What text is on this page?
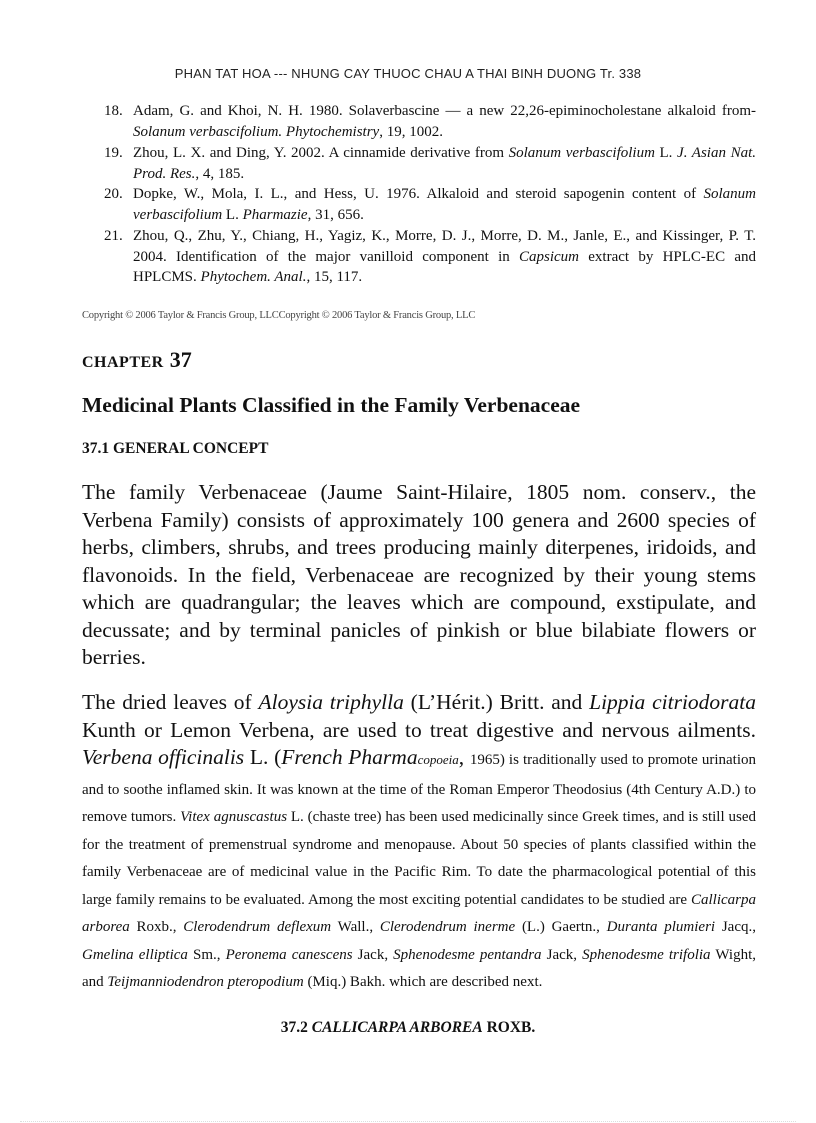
PHAN TAT HOA --- NHUNG CAY THUOC CHAU A THAI BINH DUONG Tr. 338
18. Adam, G. and Khoi, N. H. 1980. Solaverbascine — a new 22,26-epiminocholestane alkaloid from-Solanum verbascifolium. Phytochemistry, 19, 1002.
19. Zhou, L. X. and Ding, Y. 2002. A cinnamide derivative from Solanum verbascifolium L. J. Asian Nat. Prod. Res., 4, 185.
20. Dopke, W., Mola, I. L., and Hess, U. 1976. Alkaloid and steroid sapogenin content of Solanum verbascifolium L. Pharmazie, 31, 656.
21. Zhou, Q., Zhu, Y., Chiang, H., Yagiz, K., Morre, D. J., Morre, D. M., Janle, E., and Kissinger, P. T. 2004. Identification of the major vanilloid component in Capsicum extract by HPLC-EC and HPLCMS. Phytochem. Anal., 15, 117.
Copyright © 2006 Taylor & Francis Group, LLCCopyright © 2006 Taylor & Francis Group, LLC
CHAPTER 37
Medicinal Plants Classified in the Family Verbenaceae
37.1 GENERAL CONCEPT
The family Verbenaceae (Jaume Saint-Hilaire, 1805 nom. conserv., the Verbena Family) consists of approximately 100 genera and 2600 species of herbs, climbers, shrubs, and trees producing mainly diterpenes, iridoids, and flavonoids. In the field, Verbenaceae are recognized by their young stems which are quadrangular; the leaves which are compound, exstipulate, and decussate; and by terminal panicles of pinkish or blue bilabiate flowers or berries.
The dried leaves of Aloysia triphylla (L’Hérit.) Britt. and Lippia citriodorata Kunth or Lemon Verbena, are used to treat digestive and nervous ailments. Verbena officinalis L. (French Pharmacopoeia, 1965) is traditionally used to promote urination and to soothe inflamed skin. It was known at the time of the Roman Emperor Theodosius (4th Century A.D.) to remove tumors. Vitex agnuscastus L. (chaste tree) has been used medicinally since Greek times, and is still used for the treatment of premenstrual syndrome and menopause. About 50 species of plants classified within the family Verbenaceae are of medicinal value in the Pacific Rim. To date the pharmacological potential of this large family remains to be evaluated. Among the most exciting potential candidates to be studied are Callicarpa arborea Roxb., Clerodendrum deflexum Wall., Clerodendrum inerme (L.) Gaertn., Duranta plumieri Jacq., Gmelina elliptica Sm., Peronema canescens Jack, Sphenodesme pentandra Jack, Sphenodesme trifolia Wight, and Teijmanniodendron pteropodium (Miq.) Bakh. which are described next.
37.2 CALLICARPA ARBOREA ROXB.
